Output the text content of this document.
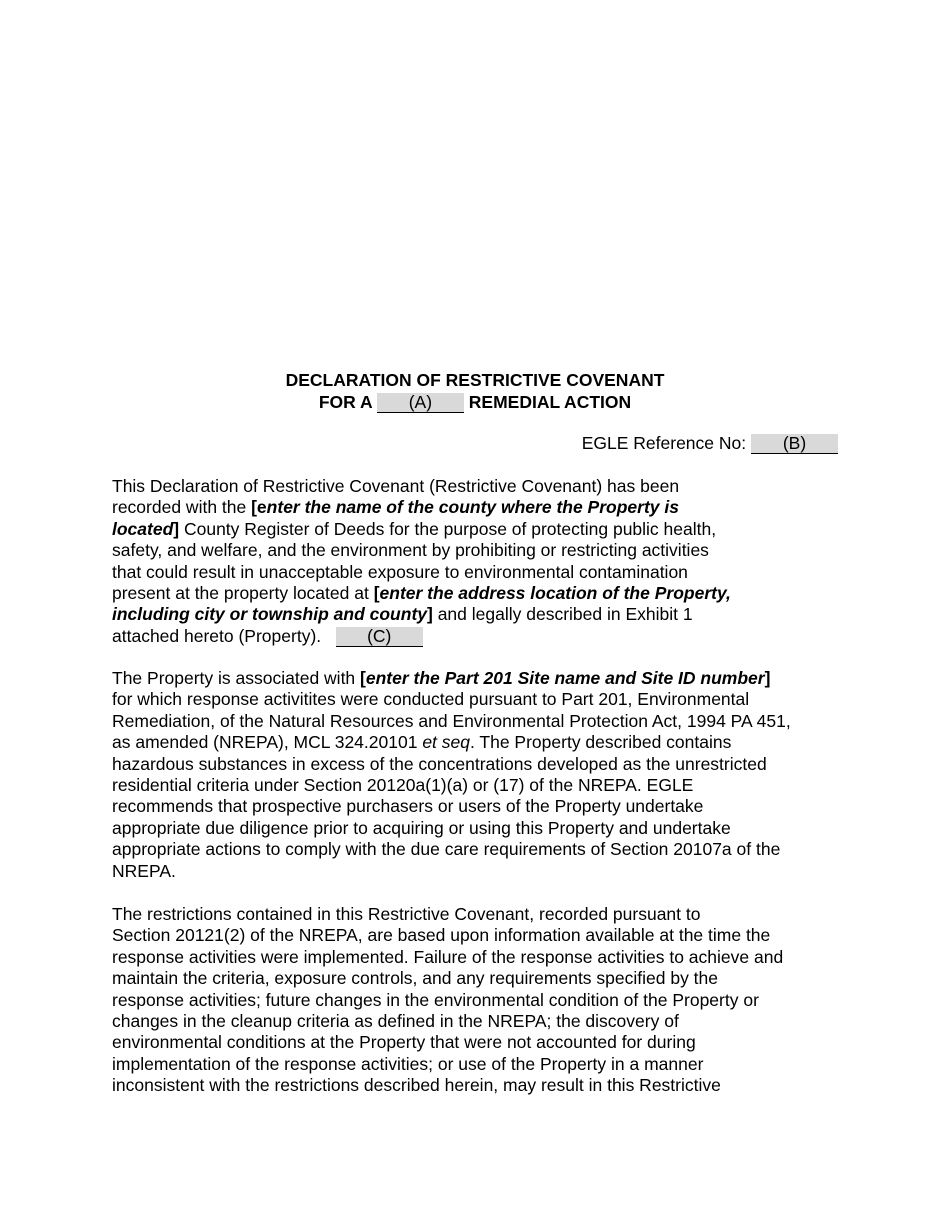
DECLARATION OF RESTRICTIVE COVENANT
FOR A (A) REMEDIAL ACTION
EGLE Reference No: (B)
This Declaration of Restrictive Covenant (Restrictive Covenant) has been
recorded with the [enter the name of the county where the Property is
located] County Register of Deeds for the purpose of protecting public health,
safety, and welfare, and the environment by prohibiting or restricting activities
that could result in unacceptable exposure to environmental contamination
present at the property located at [enter the address location of the Property,
including city or township and county] and legally described in Exhibit 1
attached hereto (Property).	(C)
The Property is associated with [enter the Part 201 Site name and Site ID number]
for which response activitites were conducted pursuant to Part 201, Environmental
Remediation, of the Natural Resources and Environmental Protection Act, 1994 PA 451,
as amended (NREPA), MCL 324.20101 et seq. The Property described contains
hazardous substances in excess of the concentrations developed as the unrestricted
residential criteria under Section 20120a(1)(a) or (17) of the NREPA. EGLE
recommends that prospective purchasers or users of the Property undertake
appropriate due diligence prior to acquiring or using this Property and undertake
appropriate actions to comply with the due care requirements of Section 20107a of the
NREPA.
The restrictions contained in this Restrictive Covenant, recorded pursuant to
Section 20121(2) of the NREPA, are based upon information available at the time the
response activities were implemented. Failure of the response activities to achieve and
maintain the criteria, exposure controls, and any requirements specified by the
response activities; future changes in the environmental condition of the Property or
changes in the cleanup criteria as defined in the NREPA; the discovery of
environmental conditions at the Property that were not accounted for during
implementation of the response activities; or use of the Property in a manner
inconsistent with the restrictions described herein, may result in this Restrictive
